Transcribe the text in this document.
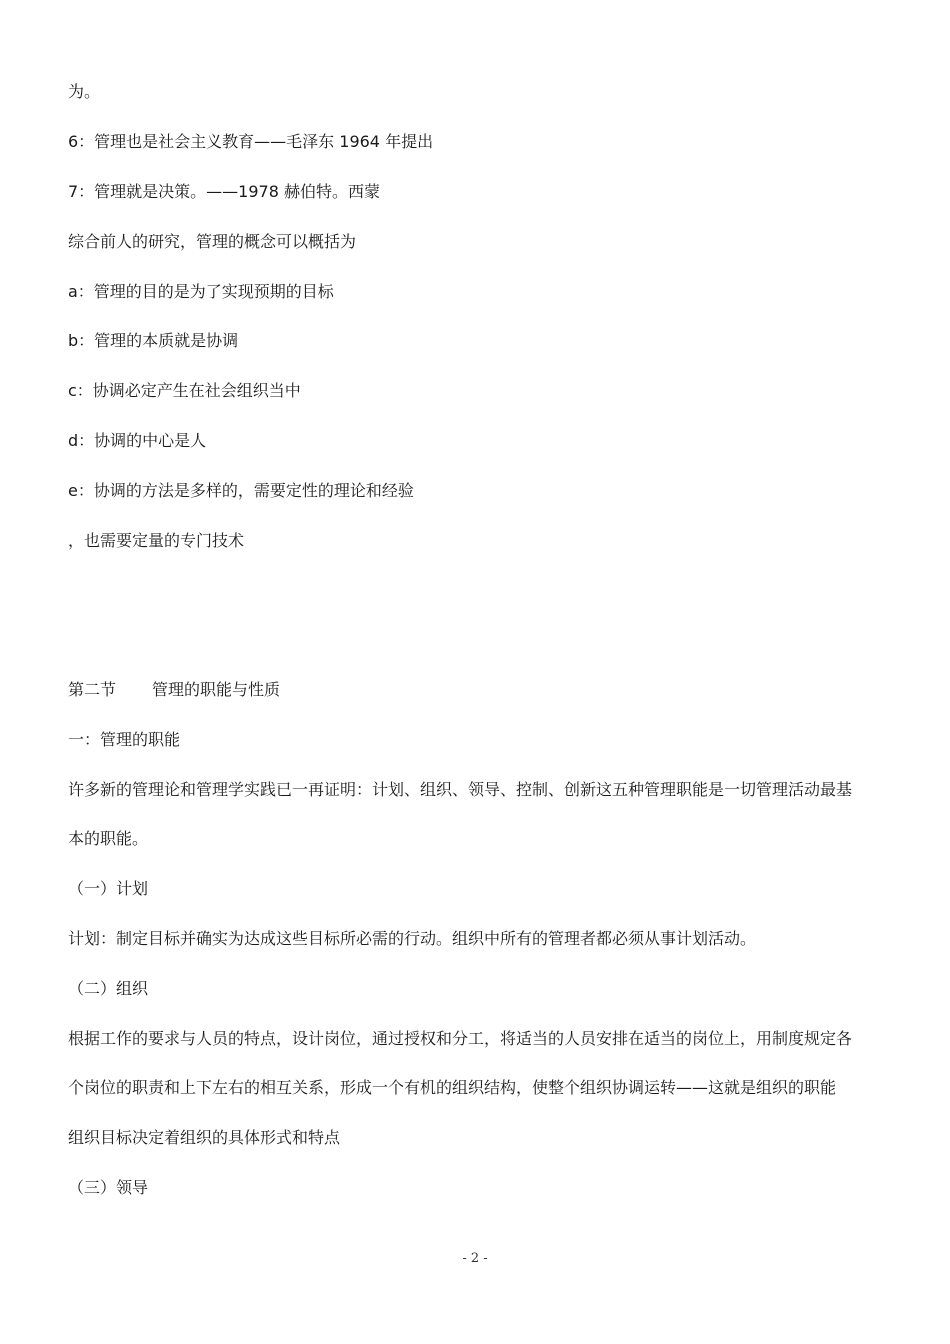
为。
6：管理也是社会主义教育——毛泽东 1964 年提出
7：管理就是决策。——1978 赫伯特。西蒙
综合前人的研究，管理的概念可以概括为
a：管理的目的是为了实现预期的目标
b：管理的本质就是协调
c：协调必定产生在社会组织当中
d：协调的中心是人
e：协调的方法是多样的，需要定性的理论和经验
，也需要定量的专门技术
第二节 管理的职能与性质
一：管理的职能
许多新的管理论和管理学实践已一再证明：计划、组织、领导、控制、创新这五种管理职能是一切管理活动最基
本的职能。
（一）计划
计划：制定目标并确实为达成这些目标所必需的行动。组织中所有的管理者都必须从事计划活动。
（二）组织
根据工作的要求与人员的特点，设计岗位，通过授权和分工，将适当的人员安排在适当的岗位上，用制度规定各
个岗位的职责和上下左右的相互关系，形成一个有机的组织结构，使整个组织协调运转——这就是组织的职能
组织目标决定着组织的具体形式和特点
（三）领导
- 2 -
